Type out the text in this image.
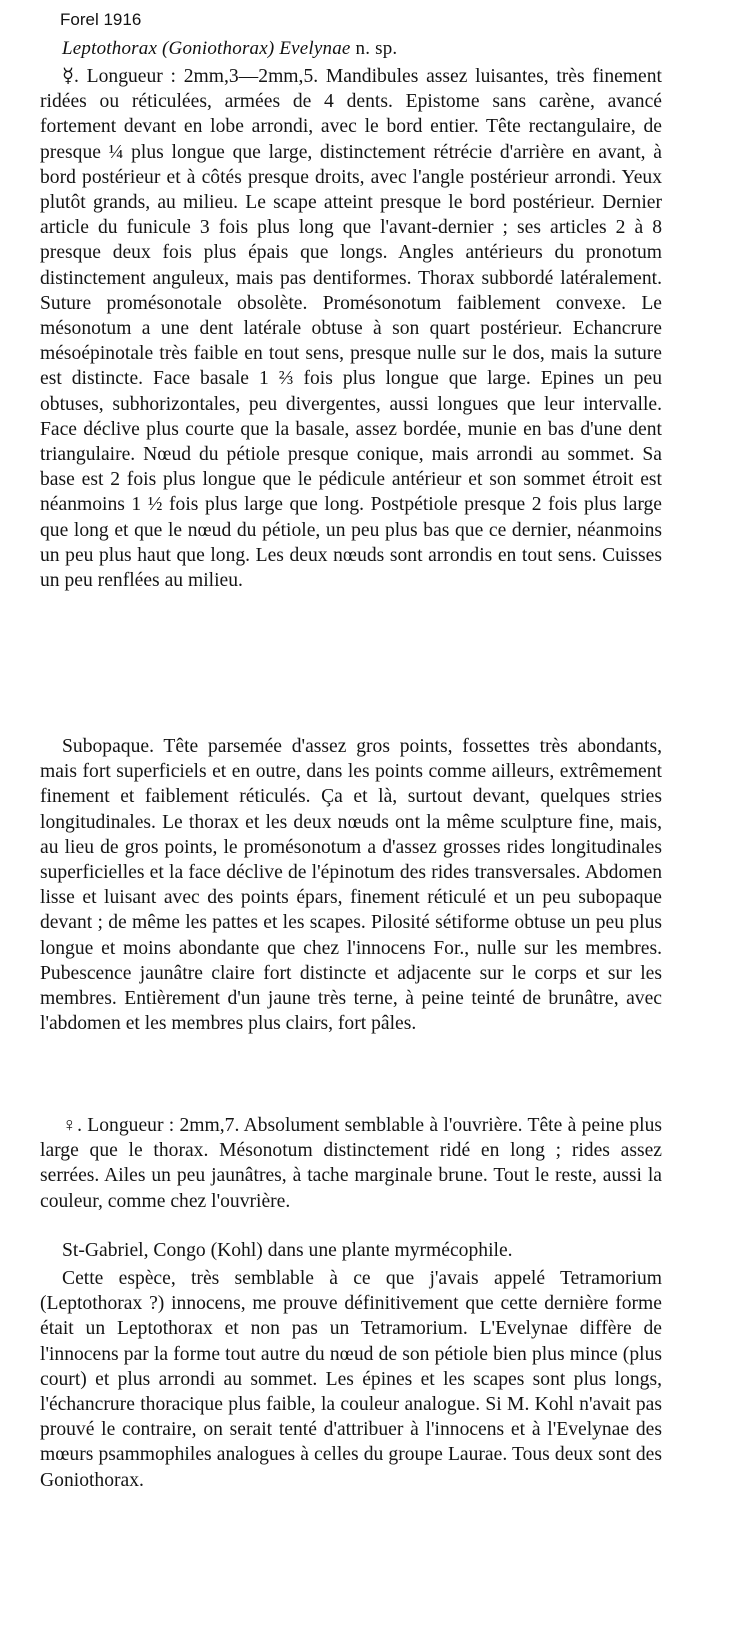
Forel 1916
Leptothorax (Goniothorax) Evelynae n. sp.

☿. Longueur : 2mm,3—2mm,5. Mandibules assez luisantes, très finement ridées ou réticulées, armées de 4 dents. Epistome sans carène, avancé fortement devant en lobe arrondi, avec le bord entier. Tête rectangulaire, de presque ¼ plus longue que large, distinctement rétrécie d'arrière en avant, à bord postérieur et à côtés presque droits, avec l'angle postérieur arrondi. Yeux plutôt grands, au milieu. Le scape atteint presque le bord postérieur. Dernier article du funicule 3 fois plus long que l'avant-dernier ; ses articles 2 à 8 presque deux fois plus épais que longs. Angles antérieurs du pronotum distinctement anguleux, mais pas dentiformes. Thorax subbordé latéralement. Suture promésonotale obsolète. Promésonotum faiblement convexe. Le mésonotum a une dent latérale obtuse à son quart postérieur. Echancrure mésoépinotale très faible en tout sens, presque nulle sur le dos, mais la suture est distincte. Face basale 1 ⅔ fois plus longue que large. Epines un peu obtuses, subhorizontales, peu divergentes, aussi longues que leur intervalle. Face déclive plus courte que la basale, assez bordée, munie en bas d'une dent triangulaire. Nœud du pétiole presque conique, mais arrondi au sommet. Sa base est 2 fois plus longue que le pédicule antérieur et son sommet étroit est néanmoins 1 ½ fois plus large que long. Postpétiole presque 2 fois plus large que long et que le nœud du pétiole, un peu plus bas que ce dernier, néanmoins un peu plus haut que long. Les deux nœuds sont arrondis en tout sens. Cuisses un peu renflées au milieu.

Subopaque. Tête parsemée d'assez gros points, fossettes très abondants, mais fort superficiels et en outre, dans les points comme ailleurs, extrêmement finement et faiblement réticulés. Ça et là, surtout devant, quelques stries longitudinales. Le thorax et les deux nœuds ont la même sculpture fine, mais, au lieu de gros points, le promésonotum a d'assez grosses rides longitudinales superficielles et la face déclive de l'épinotum des rides transversales. Abdomen lisse et luisant avec des points épars, finement réticulé et un peu subopaque devant ; de même les pattes et les scapes. Pilosité sétiforme obtuse un peu plus longue et moins abondante que chez l'innocens For., nulle sur les membres. Pubescence jaunâtre claire fort distincte et adjacente sur le corps et sur les membres. Entièrement d'un jaune très terne, à peine teinté de brunâtre, avec l'abdomen et les membres plus clairs, fort pâles.

♀. Longueur : 2mm,7. Absolument semblable à l'ouvrière. Tête à peine plus large que le thorax. Mésonotum distinctement ridé en long ; rides assez serrées. Ailes un peu jaunâtres, à tache marginale brune. Tout le reste, aussi la couleur, comme chez l'ouvrière.

St-Gabriel, Congo (Kohl) dans une plante myrmécophile.

Cette espèce, très semblable à ce que j'avais appelé Tetramorium (Leptothorax ?) innocens, me prouve définitivement que cette dernière forme était un Leptothorax et non pas un Tetramorium. L'Evelynae diffère de l'innocens par la forme tout autre du nœud de son pétiole bien plus mince (plus court) et plus arrondi au sommet. Les épines et les scapes sont plus longs, l'échancrure thoracique plus faible, la couleur analogue. Si M. Kohl n'avait pas prouvé le contraire, on serait tenté d'attribuer à l'innocens et à l'Evelynae des mœurs psammophiles analogues à celles du groupe Laurae. Tous deux sont des Goniothorax.
